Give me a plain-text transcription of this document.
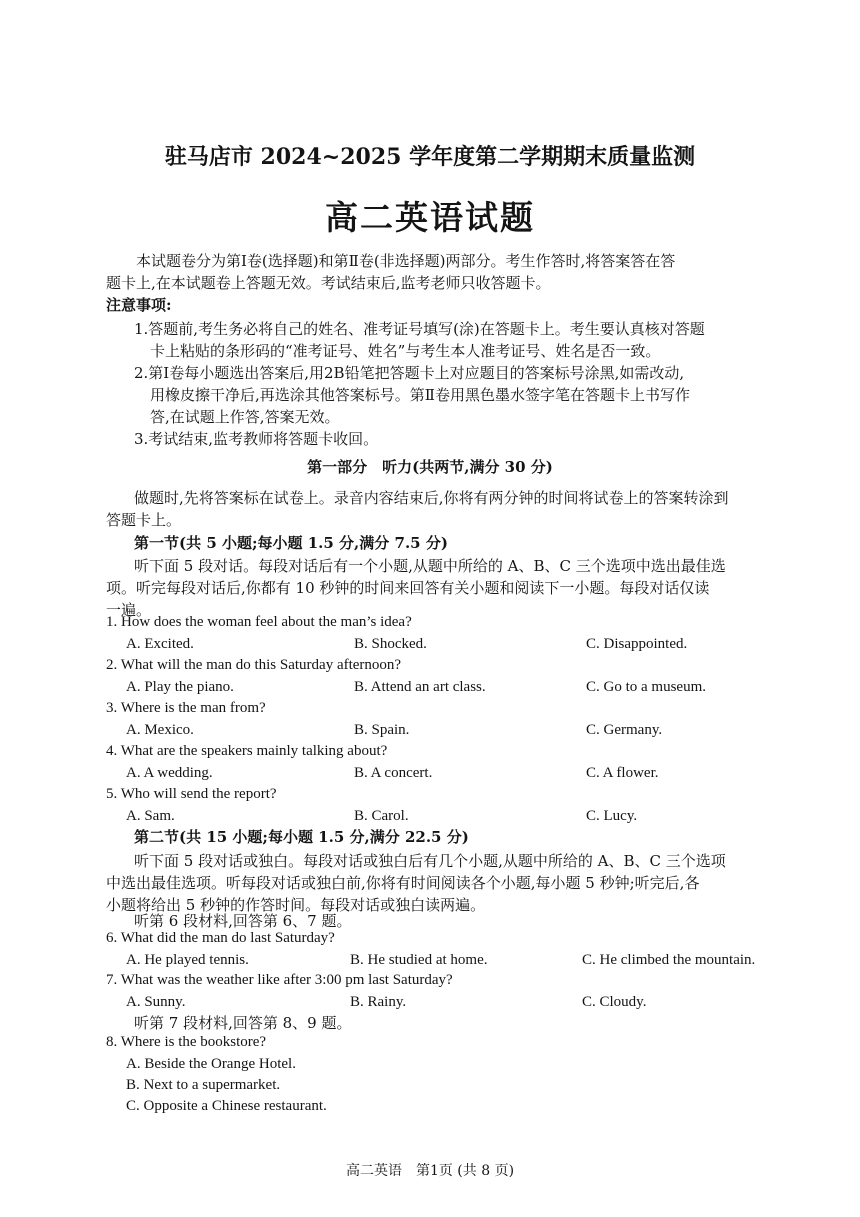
驻马店市 2024~2025 学年度第二学期期末质量监测
高二英语试题
本试题卷分为第Ⅰ卷(选择题)和第Ⅱ卷(非选择题)两部分。考生作答时,将答案答在答
题卡上,在本试题卷上答题无效。考试结束后,监考老师只收答题卡。
注意事项:
1.答题前,考生务必将自己的姓名、准考证号填写(涂)在答题卡上。考生要认真核对答题
卡上粘贴的条形码的“准考证号、姓名”与考生本人准考证号、姓名是否一致。
2.第Ⅰ卷每小题选出答案后,用2B铅笔把答题卡上对应题目的答案标号涂黑,如需改动,
用橡皮擦干净后,再选涂其他答案标号。第Ⅱ卷用黑色墨水签字笔在答题卡上书写作
答,在试题上作答,答案无效。
3.考试结束,监考教师将答题卡收回。
第一部分　听力(共两节,满分 30 分)
做题时,先将答案标在试卷上。录音内容结束后,你将有两分钟的时间将试卷上的答案转涂到
答题卡上。
第一节(共 5 小题;每小题 1.5 分,满分 7.5 分)
听下面 5 段对话。每段对话后有一个小题,从题中所给的 A、B、C 三个选项中选出最佳选
项。听完每段对话后,你都有 10 秒钟的时间来回答有关小题和阅读下一小题。每段对话仅读
一遍。
1. How does the woman feel about the man’s idea?
A. Excited.	B. Shocked.	C. Disappointed.
2. What will the man do this Saturday afternoon?
A. Play the piano.	B. Attend an art class.	C. Go to a museum.
3. Where is the man from?
A. Mexico.	B. Spain.	C. Germany.
4. What are the speakers mainly talking about?
A. A wedding.	B. A concert.	C. A flower.
5. Who will send the report?
A. Sam.	B. Carol.	C. Lucy.
第二节(共 15 小题;每小题 1.5 分,满分 22.5 分)
听下面 5 段对话或独白。每段对话或独白后有几个小题,从题中所给的 A、B、C 三个选项
中选出最佳选项。听每段对话或独白前,你将有时间阅读各个小题,每小题 5 秒钟;听完后,各
小题将给出 5 秒钟的作答时间。每段对话或独白读两遍。
听第 6 段材料,回答第 6、7 题。
6. What did the man do last Saturday?
A. He played tennis.	B. He studied at home.	C. He climbed the mountain.
7. What was the weather like after 3:00 pm last Saturday?
A. Sunny.	B. Rainy.	C. Cloudy.
听第 7 段材料,回答第 8、9 题。
8. Where is the bookstore?
A. Beside the Orange Hotel.
B. Next to a supermarket.
C. Opposite a Chinese restaurant.
高二英语　第1页 (共 8 页)
